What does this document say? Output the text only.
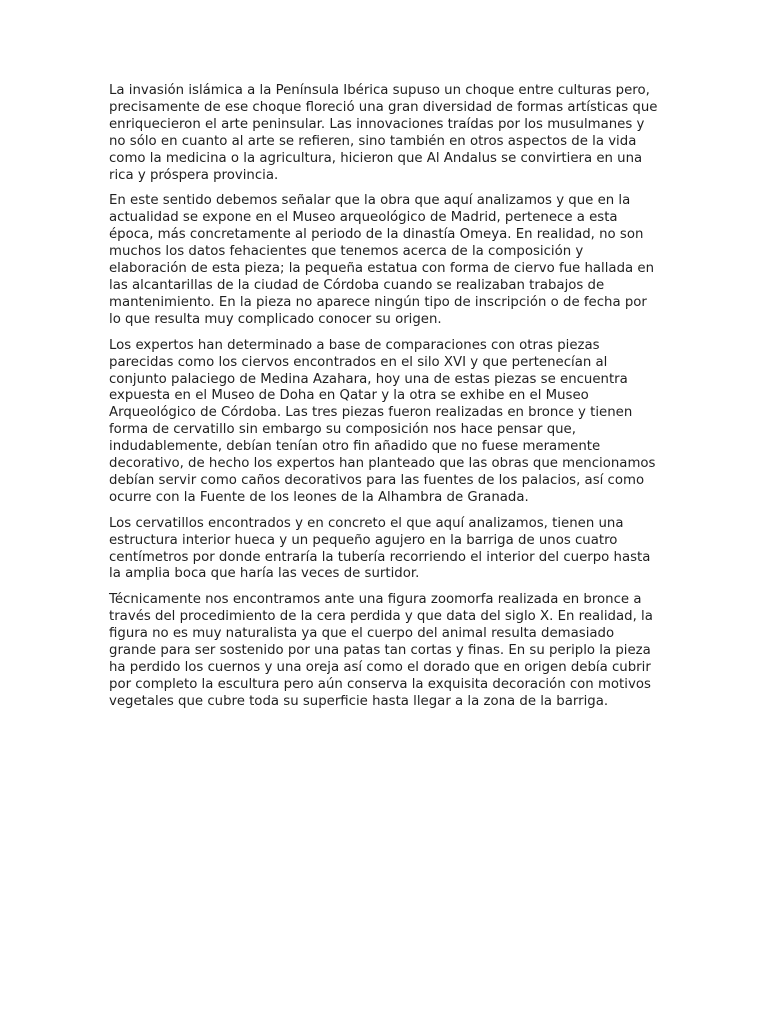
La invasión islámica a la Península Ibérica supuso un choque entre culturas pero, precisamente de ese choque floreció una gran diversidad de formas artísticas que enriquecieron el arte peninsular. Las innovaciones traídas por los musulmanes y no sólo en cuanto al arte se refieren, sino también en otros aspectos de la vida como la medicina o la agricultura, hicieron que Al Andalus se convirtiera en una rica y próspera provincia.

En este sentido debemos señalar que la obra que aquí analizamos y que en la actualidad se expone en el Museo arqueológico de Madrid, pertenece a esta época, más concretamente al periodo de la dinastía Omeya. En realidad, no son muchos los datos fehacientes que tenemos acerca de la composición y elaboración de esta pieza; la pequeña estatua con forma de ciervo fue hallada en las alcantarillas de la ciudad de Córdoba cuando se realizaban trabajos de mantenimiento. En la pieza no aparece ningún tipo de inscripción o de fecha por lo que resulta muy complicado conocer su origen.

Los expertos han determinado a base de comparaciones con otras piezas parecidas como los ciervos encontrados en el silo XVI y que pertenecían al conjunto palaciego de Medina Azahara, hoy una de estas piezas se encuentra expuesta en el Museo de Doha en Qatar y la otra se exhibe en el Museo Arqueológico de Córdoba. Las tres piezas fueron realizadas en bronce y tienen forma de cervatillo sin embargo su composición nos hace pensar que, indudablemente, debían tenían otro fin añadido que no fuese meramente decorativo, de hecho los expertos han planteado que las obras que mencionamos debían servir como caños decorativos para las fuentes de los palacios, así como ocurre con la Fuente de los leones de la Alhambra de Granada.

Los cervatillos encontrados y en concreto el que aquí analizamos, tienen una estructura interior hueca y un pequeño agujero en la barriga de unos cuatro centímetros por donde entraría la tubería recorriendo el interior del cuerpo hasta la amplia boca que haría las veces de surtidor.

Técnicamente nos encontramos ante una figura zoomorfa realizada en bronce a través del procedimiento de la cera perdida y que data del siglo X. En realidad, la figura no es muy naturalista ya que el cuerpo del animal resulta demasiado grande para ser sostenido por una patas tan cortas y finas. En su periplo la pieza ha perdido los cuernos y una oreja así como el dorado que en origen debía cubrir por completo la escultura pero aún conserva la exquisita decoración con motivos vegetales que cubre toda su superficie hasta llegar a la zona de la barriga.
